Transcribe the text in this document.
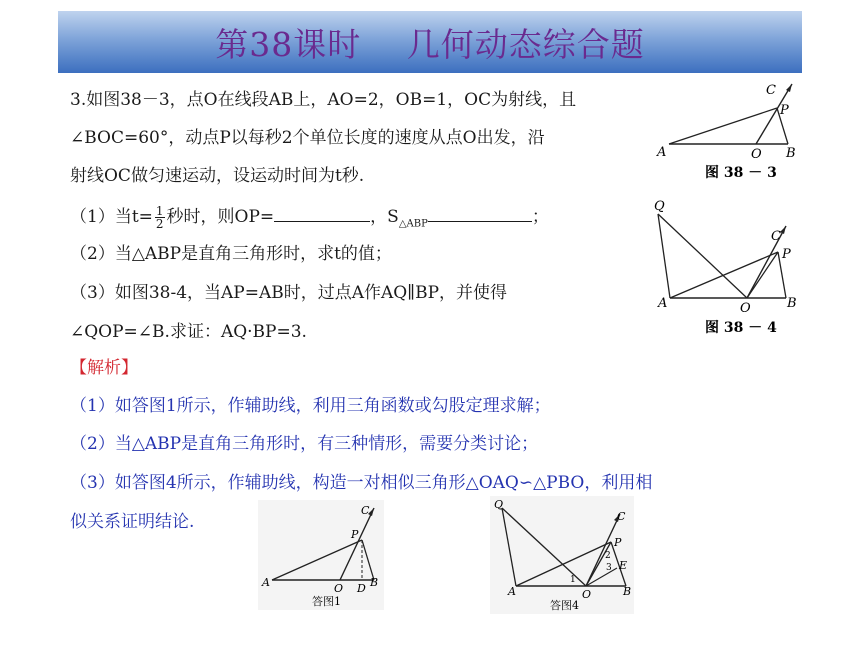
第38课时　 几何动态综合题
3.如图38－3，点O在线段AB上，AO=2，OB=1，OC为射线，且
∠BOC=60°，动点P以每秒2个单位长度的速度从点O出发，沿
射线OC做匀速运动，设运动时间为t秒.
（1）当$t= \frac{1}{2}$ 秒时，则OP=	，$S_{\triangle ABP}$	；
（2）当△ABP是直角三角形时，求t的值；
（3）如图38-4，当AP=AB时，过点A作AQ∥BP，并使得
∠QOP=∠B.求证：AQ·BP=3.
【解析】
（1）如答图1所示，作辅助线，利用三角函数或勾股定理求解；
（2）当△ABP是直角三角形时，有三种情形，需要分类讨论；
（3）如答图4所示，作辅助线，构造一对相似三角形△OAQ∽△PBO，利用相
似关系证明结论.
A	O B
C
P
图 38 － 3
Q
A	O	B
C
P
图 38 － 4
A	O D B
C
P
答图1
Q
A	O	B
C
P
E
1
2
3
答图4
